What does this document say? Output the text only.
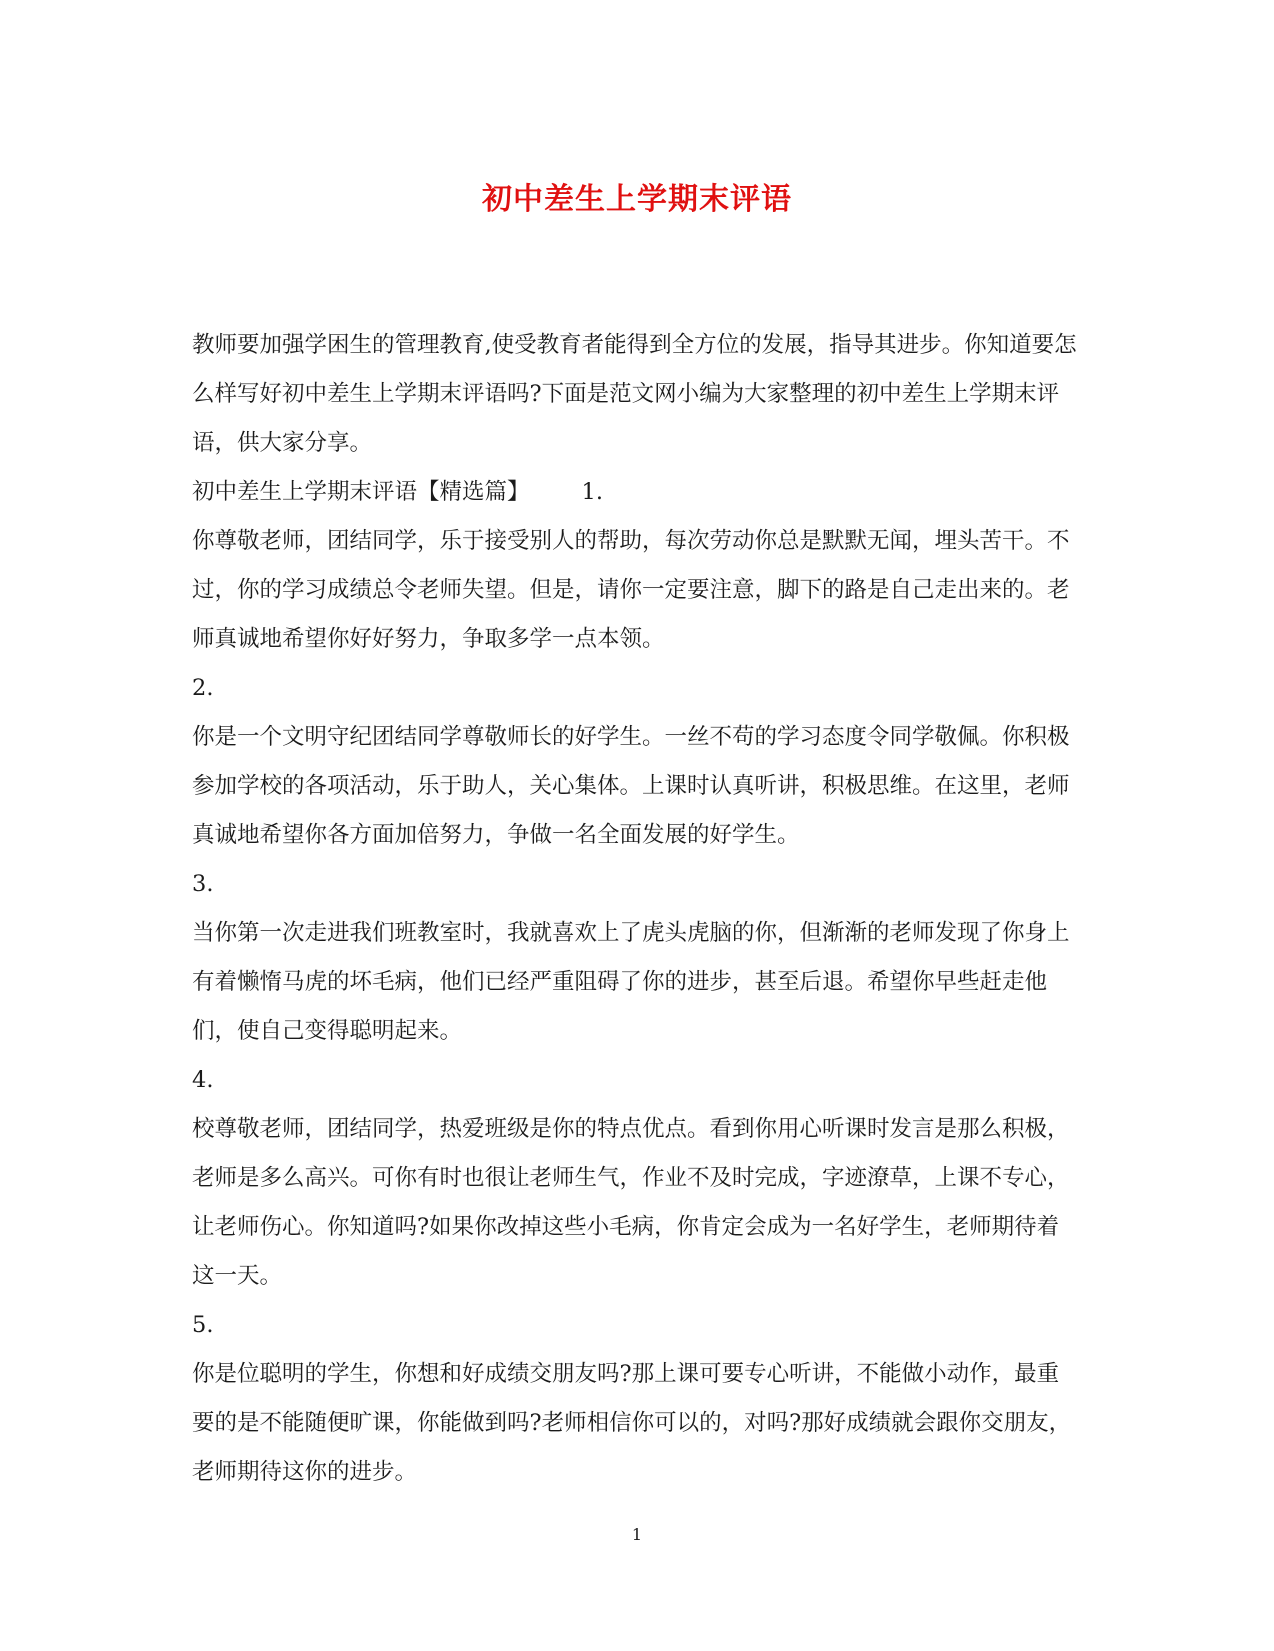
初中差生上学期末评语

教师要加强学困生的管理教育,使受教育者能得到全方位的发展，指导其进步。你知道要怎么样写好初中差生上学期末评语吗?下面是范文网小编为大家整理的初中差生上学期末评语，供大家分享。

初中差生上学期末评语【精选篇】 1.

你尊敬老师，团结同学，乐于接受别人的帮助，每次劳动你总是默默无闻，埋头苦干。不过，你的学习成绩总令老师失望。但是，请你一定要注意，脚下的路是自己走出来的。老师真诚地希望你好好努力，争取多学一点本领。

2.

你是一个文明守纪团结同学尊敬师长的好学生。一丝不苟的学习态度令同学敬佩。你积极参加学校的各项活动，乐于助人，关心集体。上课时认真听讲，积极思维。在这里，老师真诚地希望你各方面加倍努力，争做一名全面发展的好学生。

3.

当你第一次走进我们班教室时，我就喜欢上了虎头虎脑的你，但渐渐的老师发现了你身上有着懒惰马虎的坏毛病，他们已经严重阻碍了你的进步，甚至后退。希望你早些赶走他们，使自己变得聪明起来。

4.

校尊敬老师，团结同学，热爱班级是你的特点优点。看到你用心听课时发言是那么积极，老师是多么高兴。可你有时也很让老师生气，作业不及时完成，字迹潦草，上课不专心，让老师伤心。你知道吗?如果你改掉这些小毛病，你肯定会成为一名好学生，老师期待着这一天。

5.

你是位聪明的学生，你想和好成绩交朋友吗?那上课可要专心听讲，不能做小动作，最重要的是不能随便旷课，你能做到吗?老师相信你可以的，对吗?那好成绩就会跟你交朋友，老师期待这你的进步。

1
